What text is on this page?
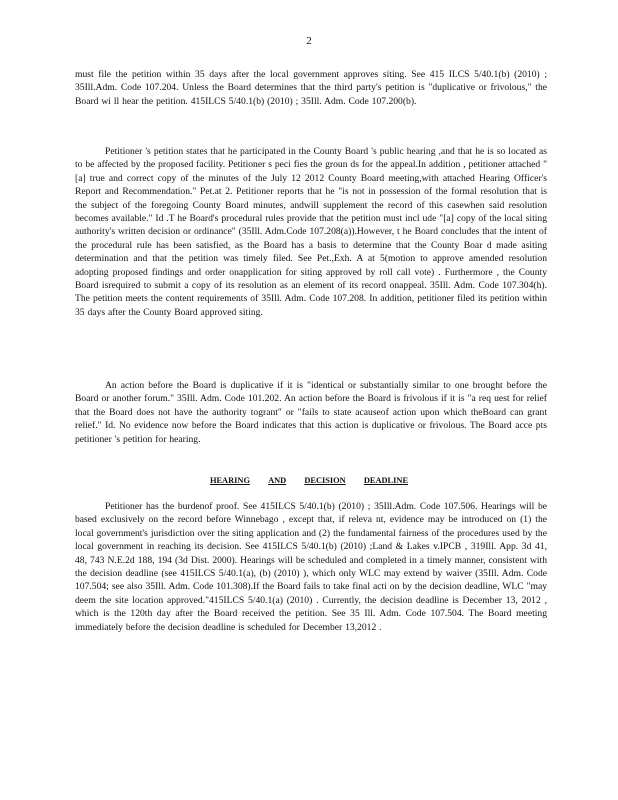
2

must file the petition within 35 days after the local government approves siting. See 415 ILCS 5/40.1(b) (2010) ; 35Ill.Adm. Code 107.204. Unless the Board determines that the third party's petition is "duplicative or frivolous," the Board wi ll hear the petition. 415ILCS 5/40.1(b) (2010) ; 35Ill. Adm. Code 107.200(b).

Petitioner 's petition states that he participated in the County Board 's public hearing ,and that he is so located as to be affected by the proposed facility. Petitioner s peci fies the groun ds for the appeal.In addition , petitioner attached "[a] true and correct copy of the minutes of the July 12 2012 County Board meeting,with attached Hearing Officer's Report and Recommendation." Pet.at 2. Petitioner reports that he "is not in possession of the formal resolution that is the subject of the foregoing County Board minutes, andwill supplement the record of this casewhen said resolution becomes available." Id .T he Board's procedural rules provide that the petition must incl ude "[a] copy of the local siting authority's written decision or ordinance" (35Ill. Adm.Code 107.208(a)).However, t he Board concludes that the intent of the procedural rule has been satisfied, as the Board has a basis to determine that the County Boar d made asiting determination and that the petition was timely filed. See Pet.,Exh. A at 5(motion to approve amended resolution adopting proposed findings and order onapplication for siting approved by roll call vote) . Furthermore , the County Board isrequired to submit a copy of its resolution as an element of its record onappeal. 35Ill. Adm. Code 107.304(h). The petition meets the content requirements of 35Ill. Adm. Code 107.208. In addition, petitioner filed its petition within 35 days after the County Board approved siting.

An action before the Board is duplicative if it is "identical or substantially similar to one brought before the Board or another forum." 35Ill. Adm. Code 101.202. An action before the Board is frivolous if it is "a req uest for relief that the Board does not have the authority togrant" or "fails to state acauseof action upon which theBoard can grant relief." Id. No evidence now before the Board indicates that this action is duplicative or frivolous. The Board acce pts petitioner 's petition for hearing.

HEARING AND DECISION DEADLINE

Petitioner has the burdenof proof. See 415ILCS 5/40.1(b) (2010) ; 35Ill.Adm. Code 107.506. Hearings will be based exclusively on the record before Winnebago , except that, if releva nt, evidence may be introduced on (1) the local government's jurisdiction over the siting application and (2) the fundamental fairness of the procedures used by the local government in reaching its decision. See 415ILCS 5/40.1(b) (2010) ;Land & Lakes v.IPCB , 319Ill. App. 3d 41, 48, 743 N.E.2d 188, 194 (3d Dist. 2000). Hearings will be scheduled and completed in a timely manner, consistent with the decision deadline (see 415ILCS 5/40.1(a), (b) (2010) ), which only WLC may extend by waiver (35Ill. Adm. Code 107.504; see also 35Ill. Adm. Code 101.308).If the Board fails to take final acti on by the decision deadline, WLC "may deem the site location approved."415ILCS 5/40.1(a) (2010) . Currently, the decision deadline is December 13, 2012 , which is the 120th day after the Board received the petition. See 35 Ill. Adm. Code 107.504. The Board meeting immediately before the decision deadline is scheduled for December 13,2012 .
